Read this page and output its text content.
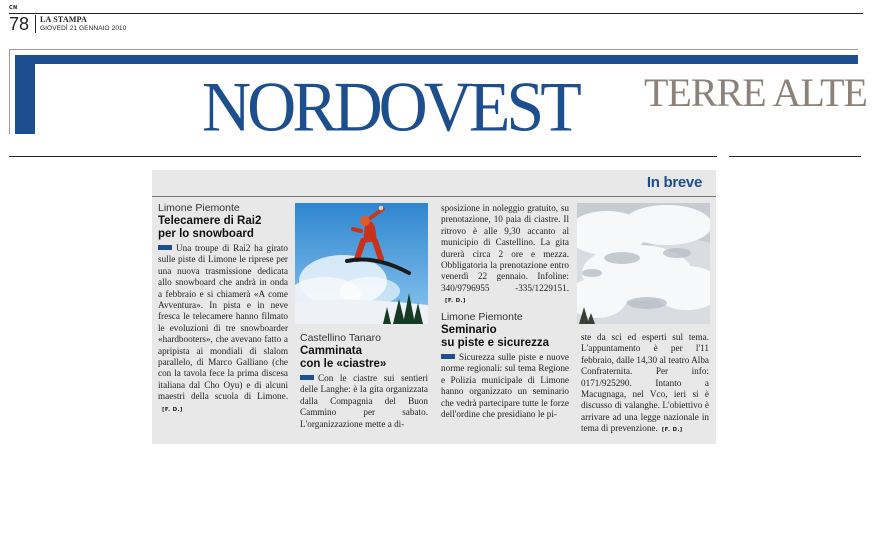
CN
78 LA STAMPA
GIOVEDÌ 21 GENNAIO 2010
NORDOVEST TERRE ALTE
In breve
Limone Piemonte
Telecamere di Rai2
per lo snowboard
Una troupe di Rai2 ha girato sulle piste di Limone le riprese per una nuova trasmissione dedicata allo snowboard che andrà in onda a febbraio e si chiamerà «A come Avventura». In pista e in neve fresca le telecamere hanno filmato le evoluzioni di tre snowboarder «hardbooters», che avevano fatto a apripista ai mondiali di slalom parallelo, di Marco Galliano (che con la tavola fece la prima discesa italiana dal Cho Oyu) e di alcuni maestri della scuola di Limone.[F. D.]
Castellino Tanaro
Camminata
con le «ciastre»
Con le ciastre sui sentieri delle Langhe: è la gita organizzata dalla Compagnia del Buon Cammino per sabato. L'organizzazione mette a di-
sposizione in noleggio gratuito, su prenotazione, 10 paia di ciastre. Il ritrovo è alle 9,30 accanto al municipio di Castellino. La gita durerà circa 2 ore e mezza. Obbligatoria la prenotazione entro venerdì 22 gennaio. Infoline: 340/9796955 -335/1229151.[F. D.]
Limone Piemonte
Seminario
su piste e sicurezza
Sicurezza sulle piste e nuove norme regionali: sul tema Regione e Polizia municipale di Limone hanno organizzato un seminario che vedrà partecipare tutte le forze dell'ordine che presidiano le pi-
ste da sci ed esperti sul tema. L'appuntamento è per l'11 febbraio, dalle 14,30 al teatro Alba Confraternita. Per info: 0171/925290. Intanto a Macugnaga, nel Vco, ieri si è discusso di valanghe. L'obiettivo è arrivare ad una legge nazionale in tema di prevenzione. [F. D.]
